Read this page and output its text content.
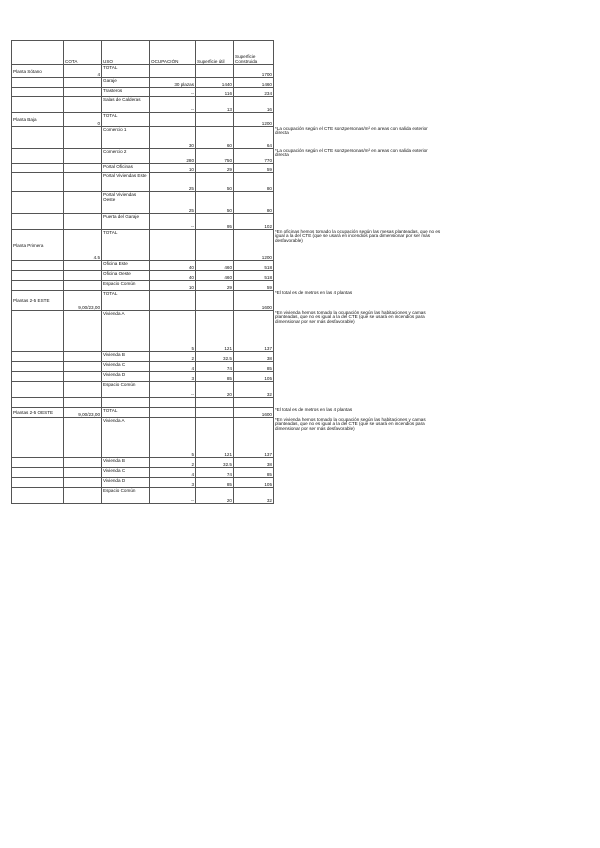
	COTA	USO	OCUPACIÓN	Superficie útil	Superficie Construida	
Planta Sótano	4	TOTAL			1700	
		Garaje	30 plazas	1440	1460	
		Trasteros	--	116	234	
		Salas de Calderas	--	13	16	
Planta Baja	0	TOTAL			1200	
		Comercio 1	30	60	64	*La ocupación según el CTE son2personas/m² en areas con salida exterior directa
		Comercio 2	280	750	770	*La ocupación según el CTE son2personas/m² en areas con salida exterior directa
		Portal Oficinas	10	29	59	
		Portal Viviendas Este	25	50	80	
		Portal Viviendas Oeste	25	50	80	
		Puerta del Garaje	--	95	102	
Planta Primera	4.5	TOTAL			1200	*En oficinas hemos tomado la ocupación según las mesas planteadas, que no es igual a la del CTE (que se usará en incendios para dimensionar por ser más desfavorable)
		Oficina Este	40	460	518	
		Oficina Oeste	40	460	518	
		Espacio Común	10	29	59	
Plantas 2-5 ESTE	9,00/23,00	TOTAL			1600	*El total es de metros en las 4 plantas
		Vivienda A	5	121	137	*En vivienda hemos tomado la ocupación según las habitaciones y camas planteadas, que no es igual a la del CTE (que se usará en incendios para dimensionar por ser más desfavorable)
		Vivienda B	2	32.5	38	
		Vivienda C	4	74	85	
		Vivienda D	3	85	105	
		Espacio Común	--	20	32	

Plantas 2-5 OESTE	9,00/23,00	TOTAL			1600	*El total es de metros en las 4 plantas
		Vivienda A	5	121	137	*En vivienda hemos tomado la ocupación según las habitaciones y camas planteadas, que no es igual a la del CTE (que se usará en incendios para dimensionar por ser más desfavorable)
		Vivienda B	2	32.5	38	
		Vivienda C	4	74	85	
		Vivienda D	3	85	105	
		Espacio Común	--	20	32	
